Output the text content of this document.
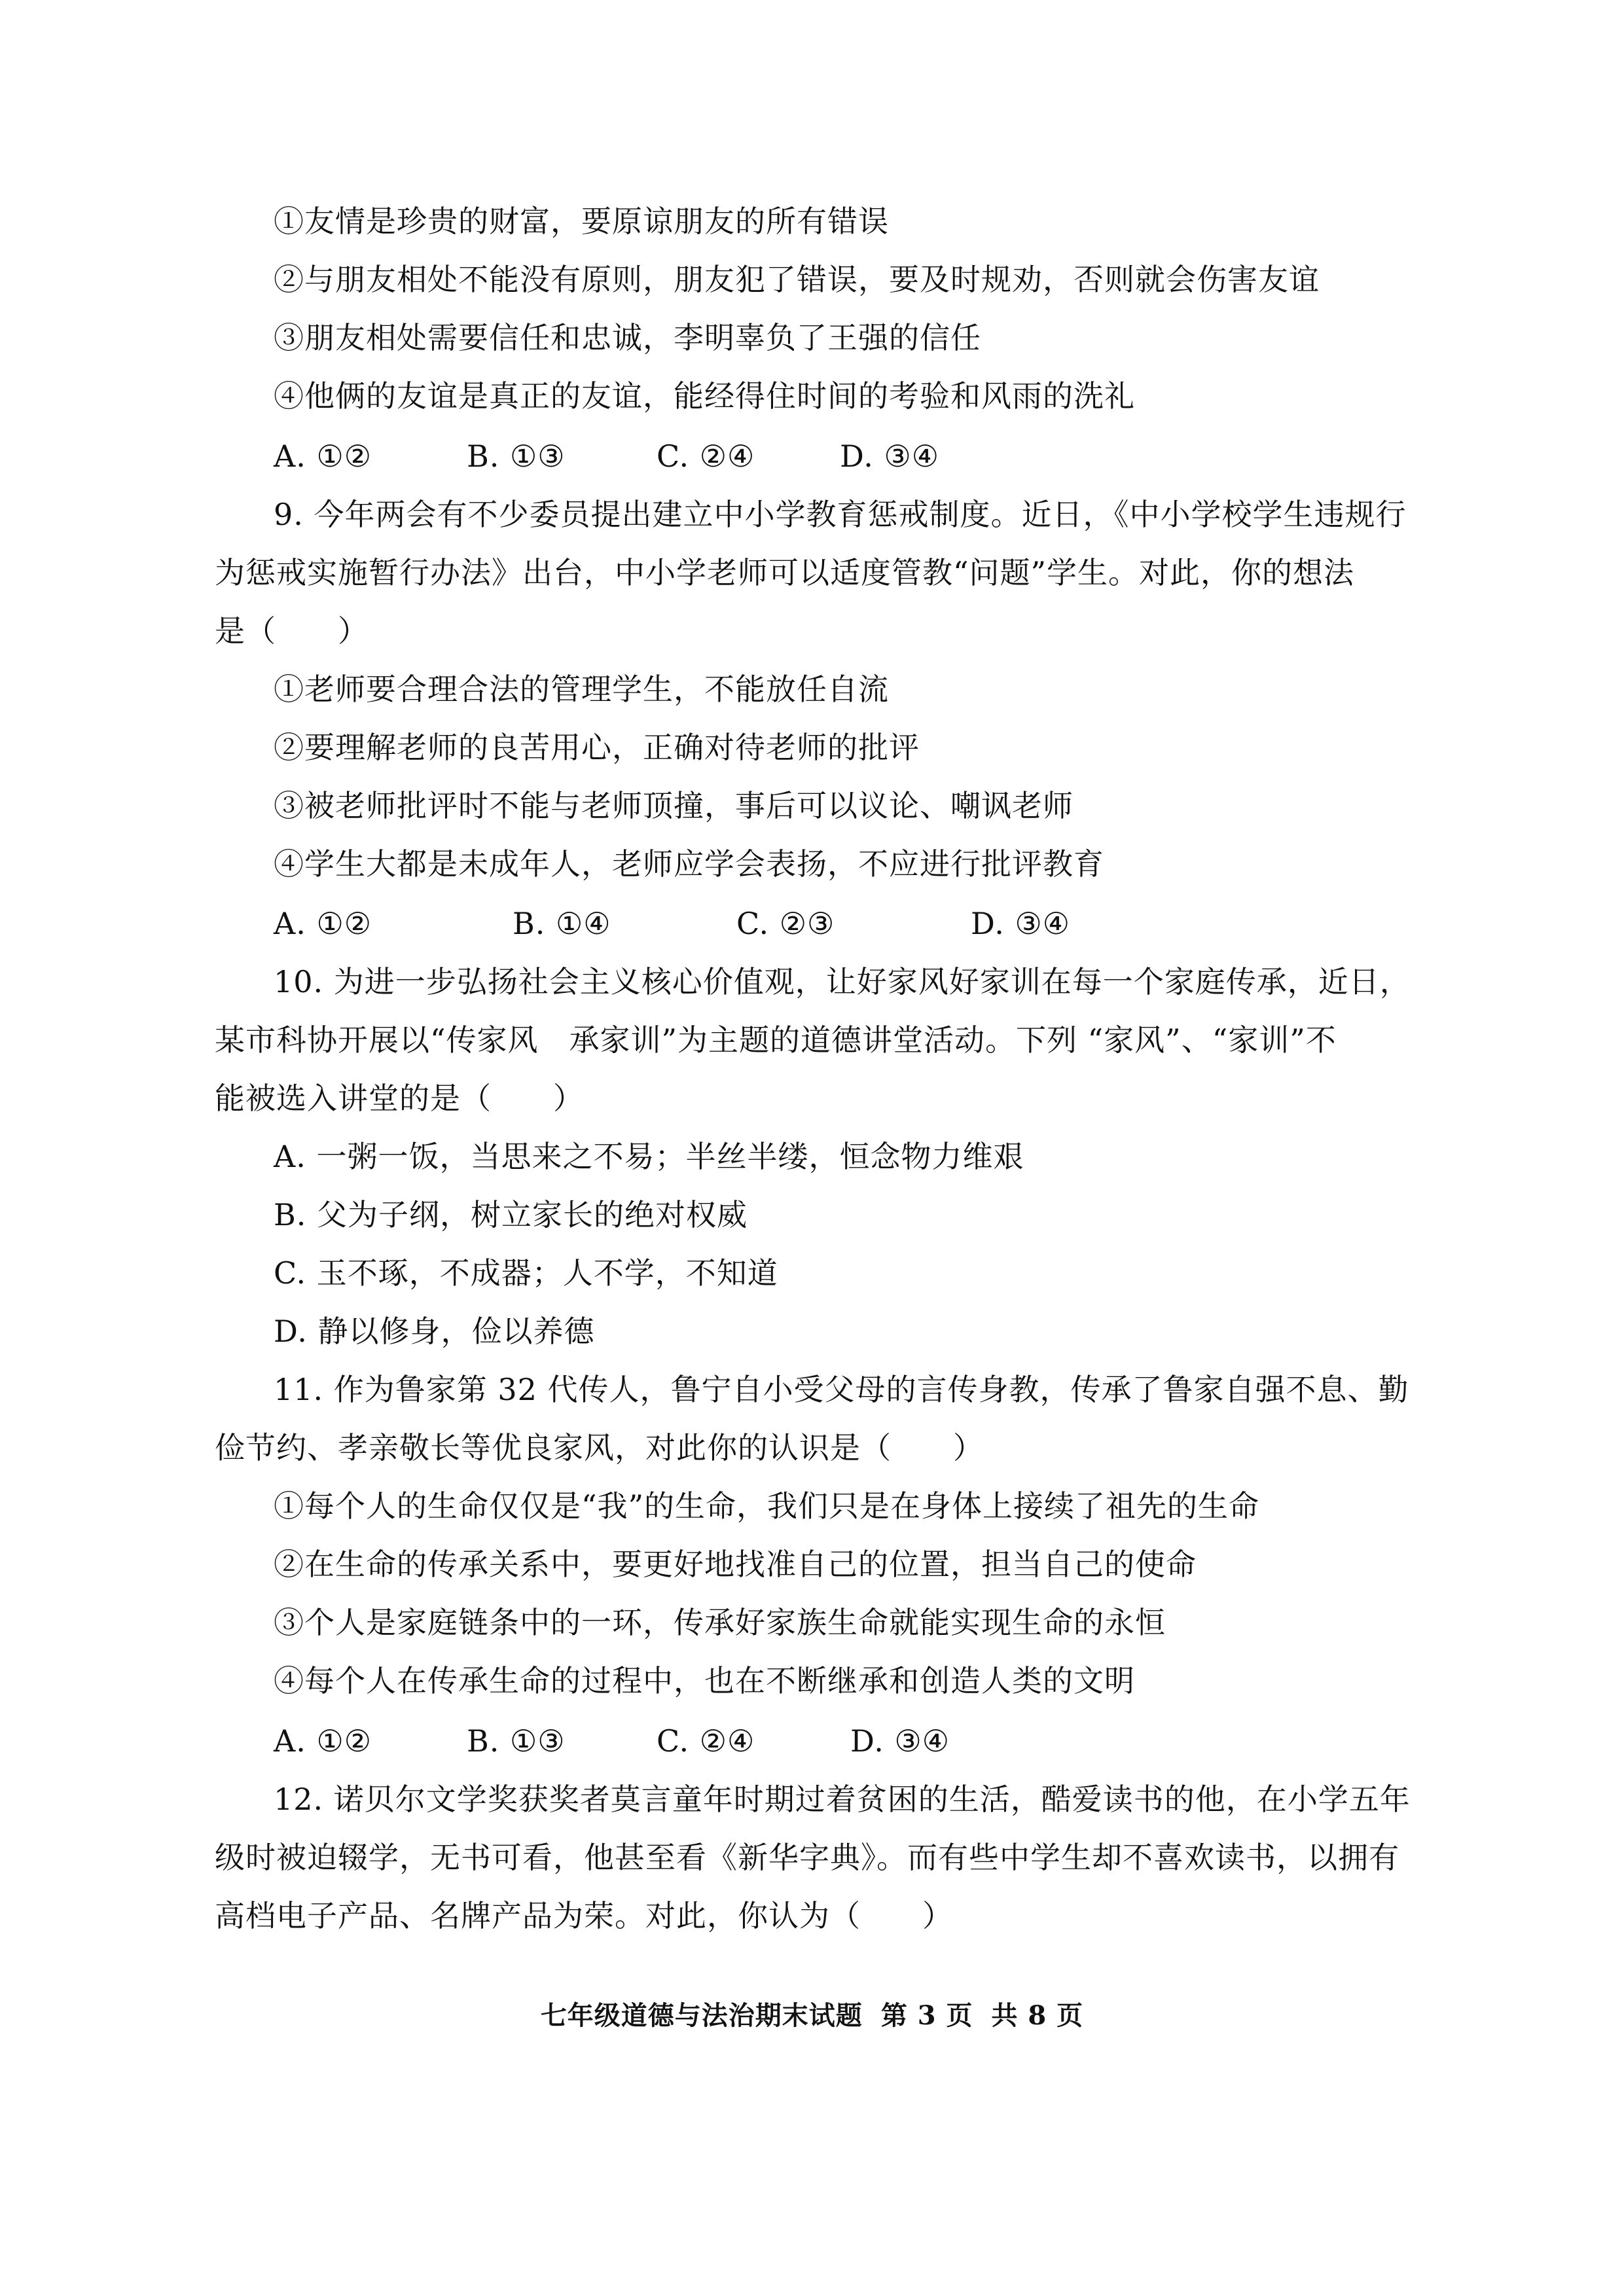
①友情是珍贵的财富，要原谅朋友的所有错误
②与朋友相处不能没有原则，朋友犯了错误，要及时规劝，否则就会伤害友谊
③朋友相处需要信任和忠诚，李明辜负了王强的信任
④他俩的友谊是真正的友谊，能经得住时间的考验和风雨的洗礼
A. ①②	B. ①③	C. ②④	D. ③④
9. 今年两会有不少委员提出建立中小学教育惩戒制度。近日，《中小学校学生违规行
为惩戒实施暂行办法》出台，中小学老师可以适度管教“问题”学生。对此，你的想法
是（　　）
①老师要合理合法的管理学生，不能放任自流
②要理解老师的良苦用心，正确对待老师的批评
③被老师批评时不能与老师顶撞，事后可以议论、嘲讽老师
④学生大都是未成年人，老师应学会表扬，不应进行批评教育
A. ①②	B. ①④	C. ②③	D. ③④
10. 为进一步弘扬社会主义核心价值观，让好家风好家训在每一个家庭传承，近日，
某市科协开展以“传家风　承家训”为主题的道德讲堂活动。下列 “家风”、“家训”不
能被选入讲堂的是（　　）
A. 一粥一饭，当思来之不易；半丝半缕，恒念物力维艰
B. 父为子纲，树立家长的绝对权威
C. 玉不琢，不成器；人不学，不知道
D. 静以修身，俭以养德
11. 作为鲁家第 32 代传人，鲁宁自小受父母的言传身教，传承了鲁家自强不息、勤
俭节约、孝亲敬长等优良家风，对此你的认识是（　　）
①每个人的生命仅仅是“我”的生命，我们只是在身体上接续了祖先的生命
②在生命的传承关系中，要更好地找准自己的位置，担当自己的使命
③个人是家庭链条中的一环，传承好家族生命就能实现生命的永恒
④每个人在传承生命的过程中，也在不断继承和创造人类的文明
A. ①②	B. ①③	C. ②④	D. ③④
12. 诺贝尔文学奖获奖者莫言童年时期过着贫困的生活，酷爱读书的他，在小学五年
级时被迫辍学，无书可看，他甚至看《新华字典》。而有些中学生却不喜欢读书，以拥有
高档电子产品、名牌产品为荣。对此，你认为（　　）
七年级道德与法治期末试题 第 3 页 共 8 页
